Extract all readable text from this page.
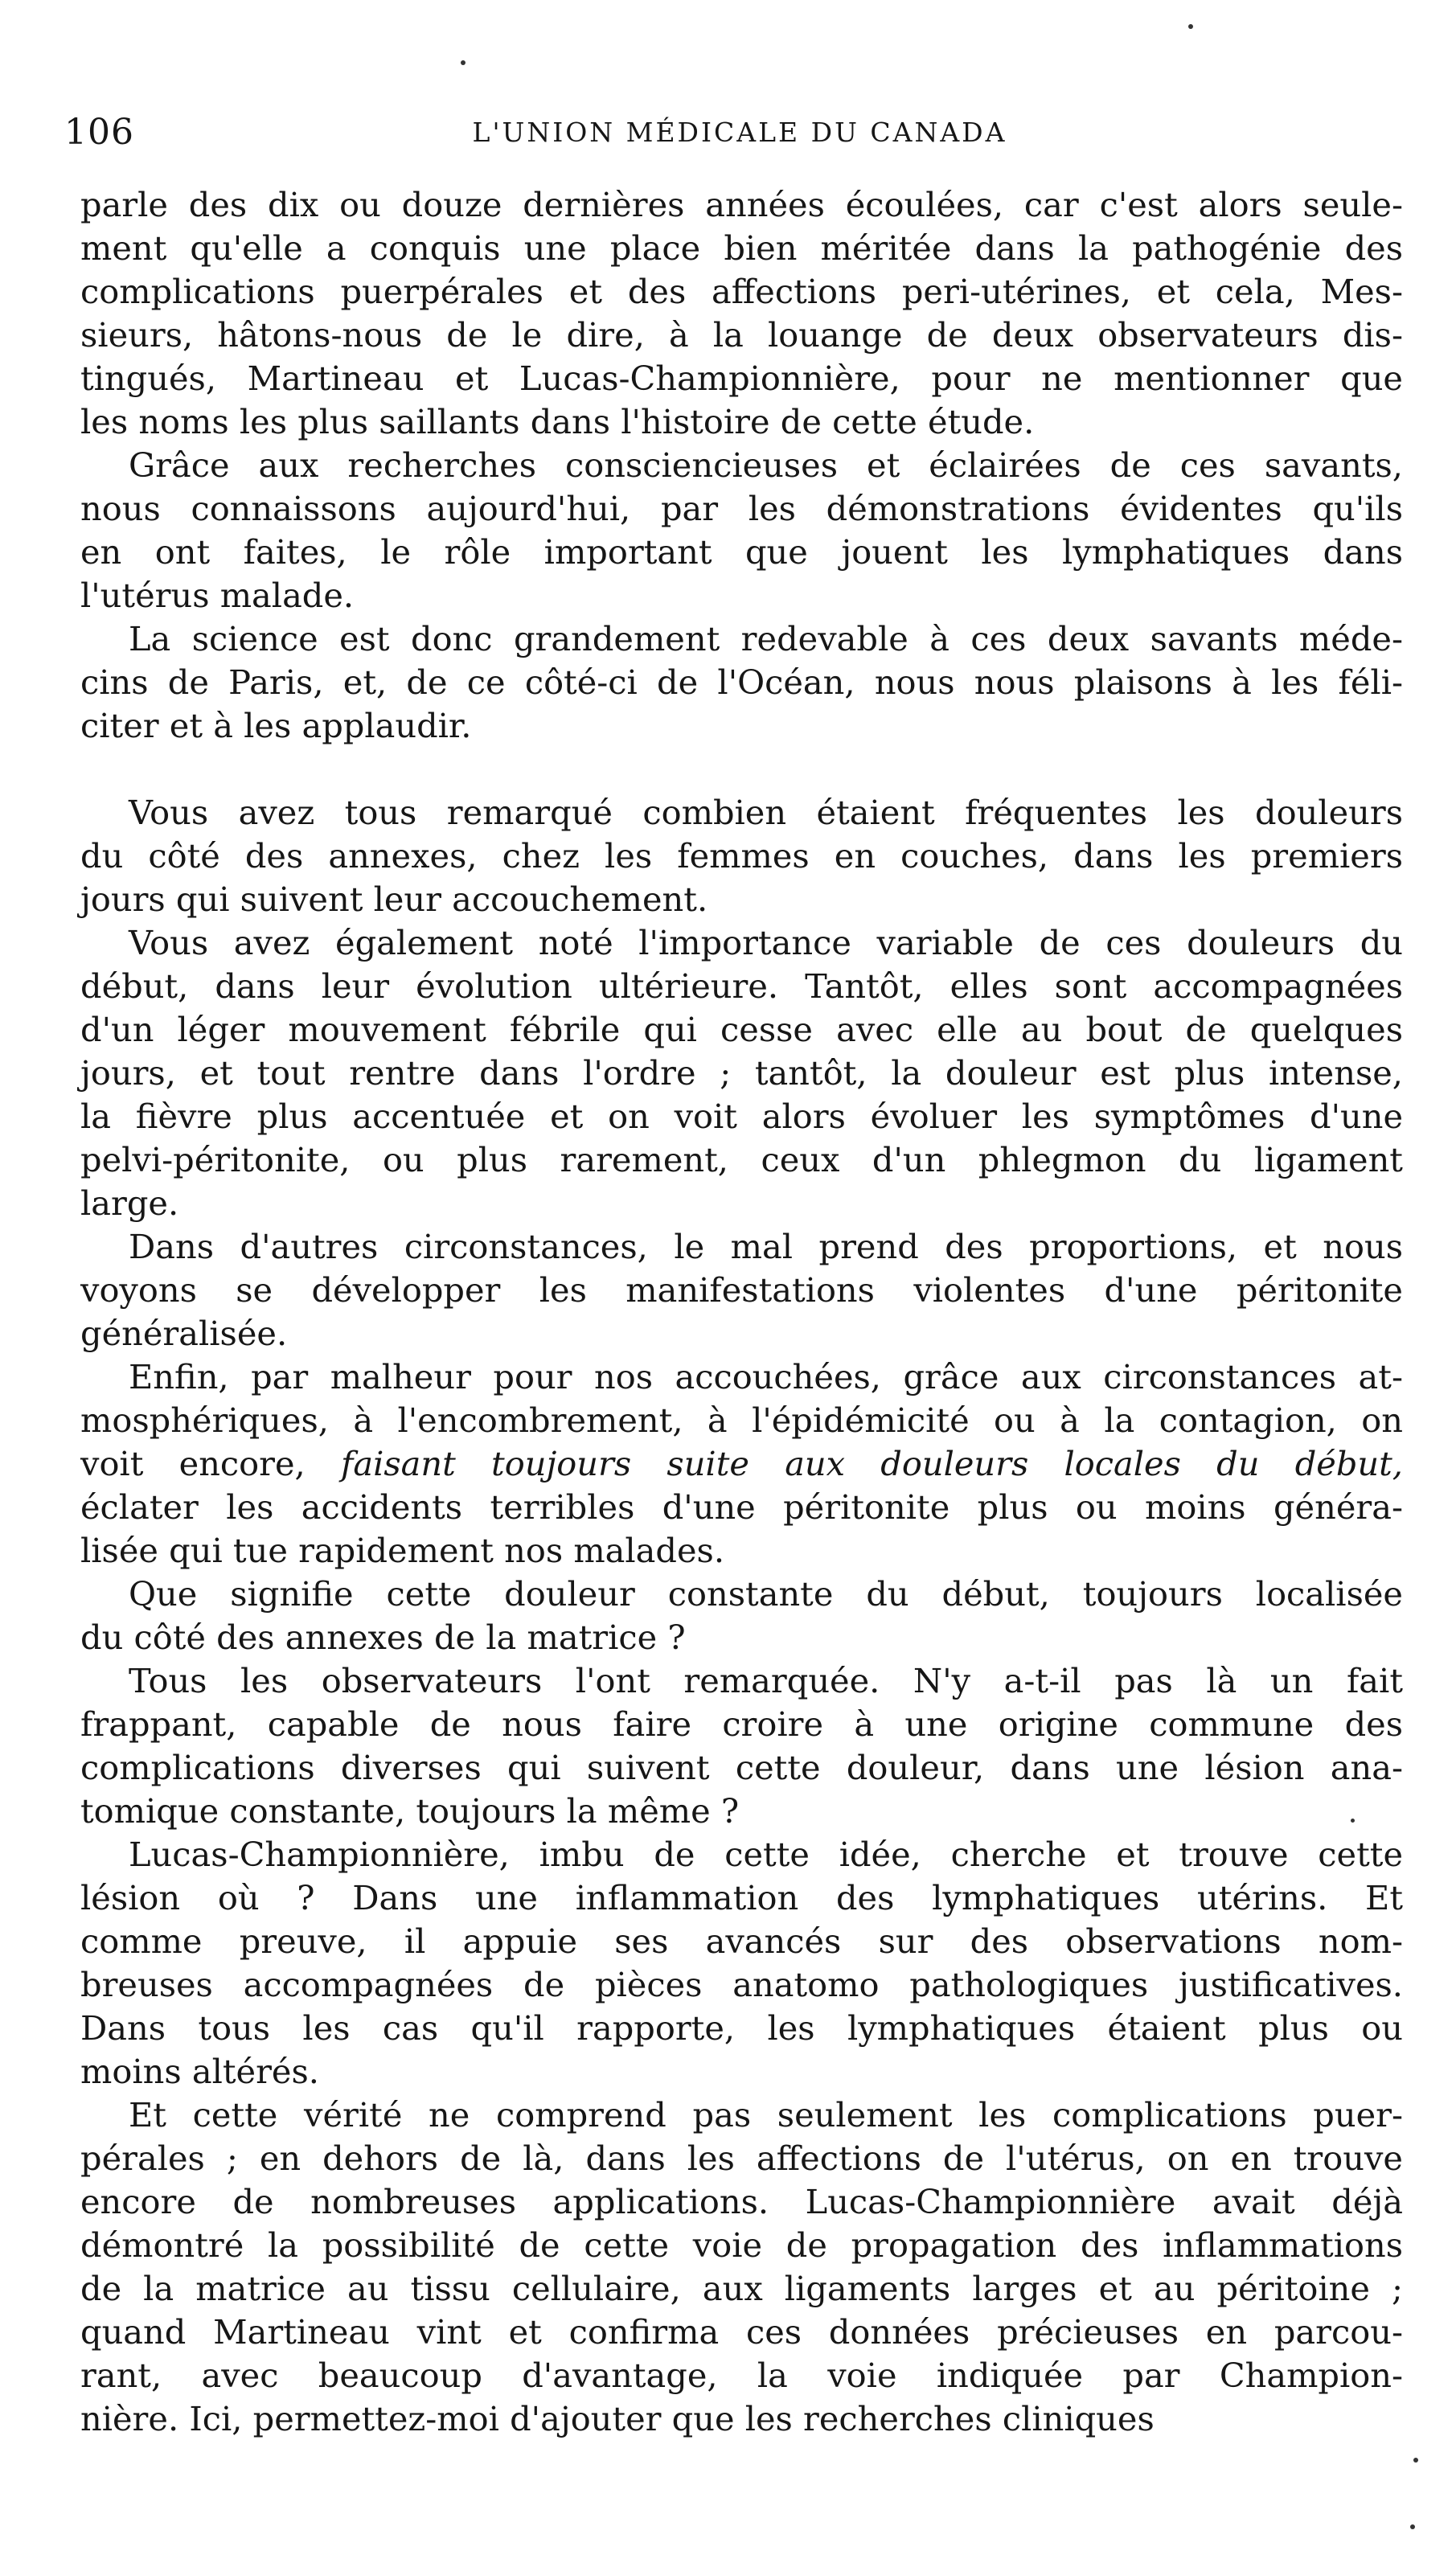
106	L'UNION MÉDICALE DU CANADA

parle des dix ou douze dernières années écoulées, car c'est alors seule-
ment qu'elle a conquis une place bien méritée dans la pathogénie des
complications puerpérales et des affections peri-utérines, et cela, Mes-
sieurs, hâtons-nous de le dire, à la louange de deux observateurs dis-
tingués, Martineau et Lucas-Championnière, pour ne mentionner que
les noms les plus saillants dans l'histoire de cette étude.

Grâce aux recherches consciencieuses et éclairées de ces savants,
nous connaissons aujourd'hui, par les démonstrations évidentes qu'ils
en ont faites, le rôle important que jouent les lymphatiques dans
l'utérus malade.

La science est donc grandement redevable à ces deux savants méde-
cins de Paris, et, de ce côté-ci de l'Océan, nous nous plaisons à les féli-
citer et à les applaudir.

Vous avez tous remarqué combien étaient fréquentes les douleurs
du côté des annexes, chez les femmes en couches, dans les premiers
jours qui suivent leur accouchement.

Vous avez également noté l'importance variable de ces douleurs du
début, dans leur évolution ultérieure. Tantôt, elles sont accompagnées
d'un léger mouvement fébrile qui cesse avec elle au bout de quelques
jours, et tout rentre dans l'ordre ; tantôt, la douleur est plus intense,
la fièvre plus accentuée et on voit alors évoluer les symptômes d'une
pelvi-péritonite, ou plus rarement, ceux d'un phlegmon du ligament
large.

Dans d'autres circonstances, le mal prend des proportions, et nous
voyons se développer les manifestations violentes d'une péritonite
généralisée.

Enfin, par malheur pour nos accouchées, grâce aux circonstances at-
mosphériques, à l'encombrement, à l'épidémicité ou à la contagion, on
voit encore, faisant toujours suite aux douleurs locales du début,
éclater les accidents terribles d'une péritonite plus ou moins généra-
lisée qui tue rapidement nos malades.

Que signifie cette douleur constante du début, toujours localisée
du côté des annexes de la matrice ?

Tous les observateurs l'ont remarquée. N'y a-t-il pas là un fait
frappant, capable de nous faire croire à une origine commune des
complications diverses qui suivent cette douleur, dans une lésion ana-
tomique constante, toujours la même ?

Lucas-Championnière, imbu de cette idée, cherche et trouve cette
lésion où ? Dans une inflammation des lymphatiques utérins. Et
comme preuve, il appuie ses avancés sur des observations nom-
breuses accompagnées de pièces anatomo pathologiques justificatives.
Dans tous les cas qu'il rapporte, les lymphatiques étaient plus ou
moins altérés.

Et cette vérité ne comprend pas seulement les complications puer-
pérales ; en dehors de là, dans les affections de l'utérus, on en trouve
encore de nombreuses applications. Lucas-Championnière avait déjà
démontré la possibilité de cette voie de propagation des inflammations
de la matrice au tissu cellulaire, aux ligaments larges et au péritoine ;
quand Martineau vint et confirma ces données précieuses en parcou-
rant, avec beaucoup d'avantage, la voie indiquée par Champion-
nière. Ici, permettez-moi d'ajouter que les recherches cliniques
